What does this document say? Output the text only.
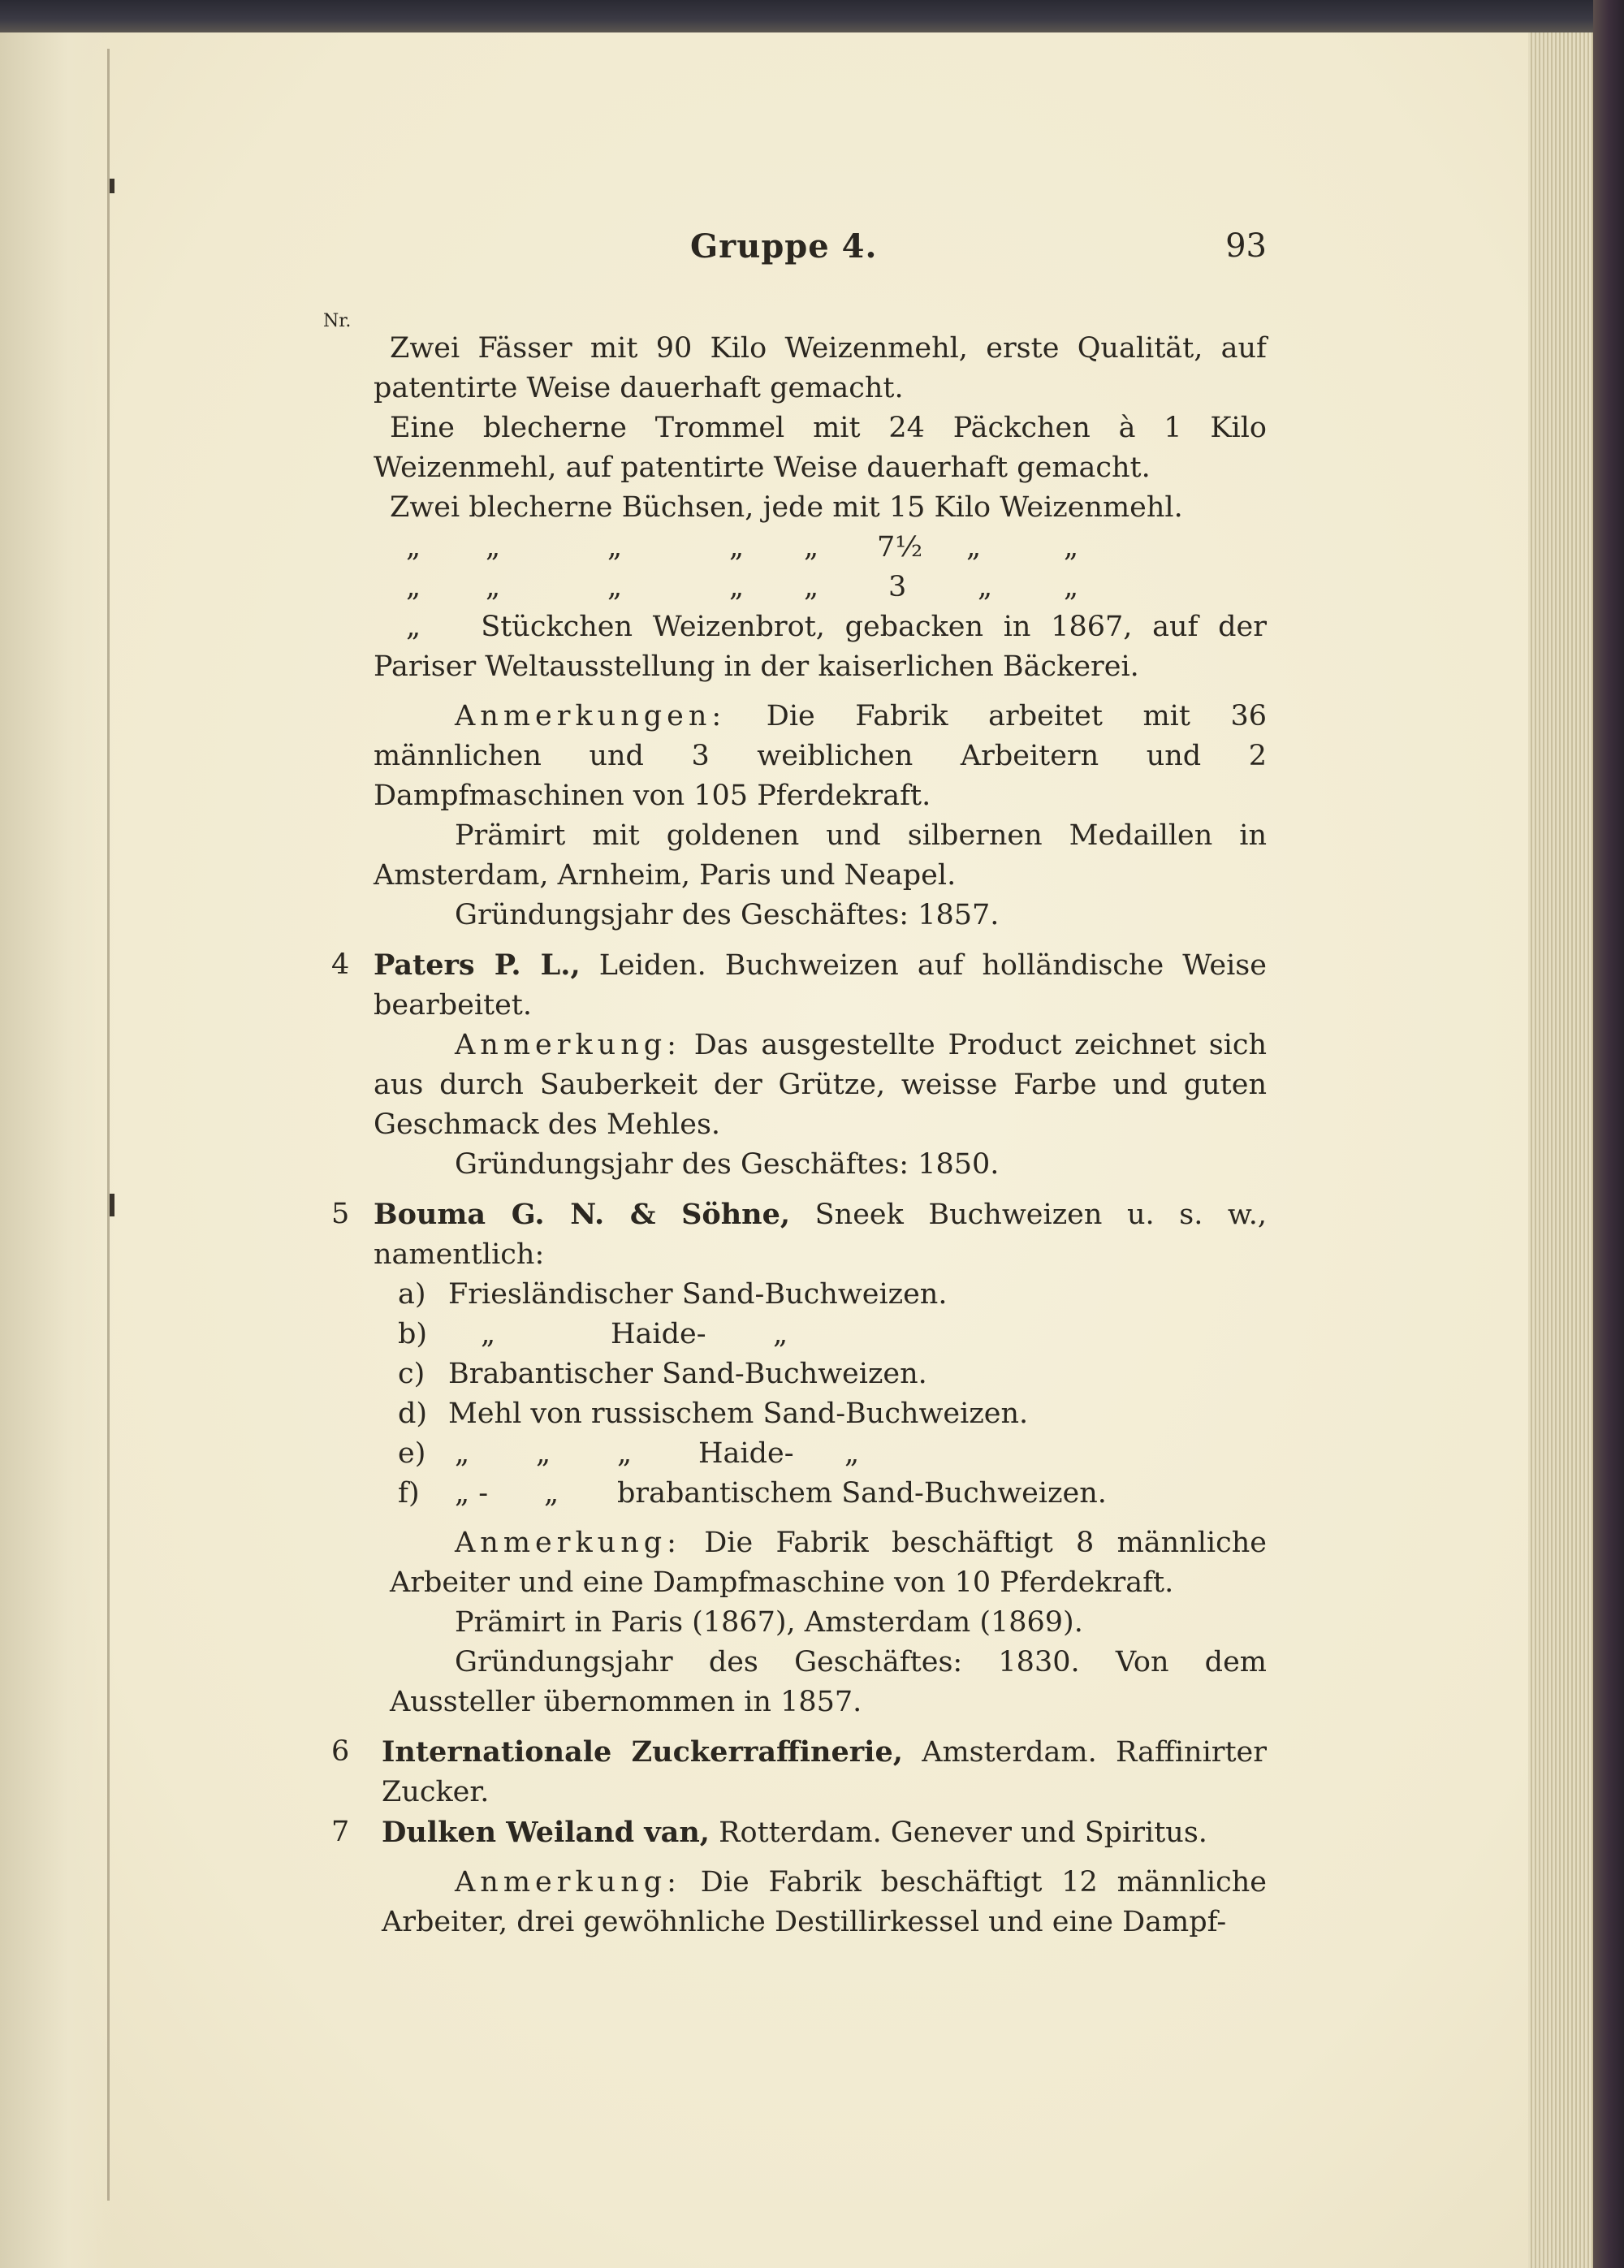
Gruppe 4.	93
Nr.
Zwei Fässer mit 90 Kilo Weizenmehl, erste Qualität, auf patentirte Weise dauerhaft gemacht.
Eine blecherne Trommel mit 24 Päckchen à 1 Kilo Weizenmehl, auf patentirte Weise dauerhaft gemacht.
Zwei blecherne Büchsen, jede mit 15 Kilo Weizenmehl.
„	„	„	„	„	7½	„	„
„	„	„	„	„	3	„	„
„ Stückchen Weizenbrot, gebacken in 1867, auf der Pariser Weltausstellung in der kaiserlichen Bäckerei.
Anmerkungen: Die Fabrik arbeitet mit 36 männlichen und 3 weiblichen Arbeitern und 2 Dampfmaschinen von 105 Pferdekraft.
Prämirt mit goldenen und silbernen Medaillen in Amsterdam, Arnheim, Paris und Neapel.
Gründungsjahr des Geschäftes: 1857.
4 Paters P. L., Leiden. Buchweizen auf holländische Weise bearbeitet.
Anmerkung: Das ausgestellte Product zeichnet sich aus durch Sauberkeit der Grütze, weisse Farbe und guten Geschmack des Mehles.
Gründungsjahr des Geschäftes: 1850.
5 Bouma G. N. & Söhne, Sneek Buchweizen u. s. w., namentlich:
a) Friesländischer Sand-Buchweizen.
b)	„	Haide-	„
c) Brabantischer Sand-Buchweizen.
d) Mehl von russischem Sand-Buchweizen.
e)	„	„	„	Haide-	„
f)	„ -	„	brabantischem Sand-Buchweizen.
Anmerkung: Die Fabrik beschäftigt 8 männliche Arbeiter und eine Dampfmaschine von 10 Pferdekraft.
Prämirt in Paris (1867), Amsterdam (1869).
Gründungsjahr des Geschäftes: 1830. Von dem Aussteller übernommen in 1857.
6 Internationale Zuckerraffinerie, Amsterdam. Raffinirter Zucker.
7 Dulken Weiland van, Rotterdam. Genever und Spiritus.
Anmerkung: Die Fabrik beschäftigt 12 männliche Arbeiter, drei gewöhnliche Destillirkessel und eine Dampf-
